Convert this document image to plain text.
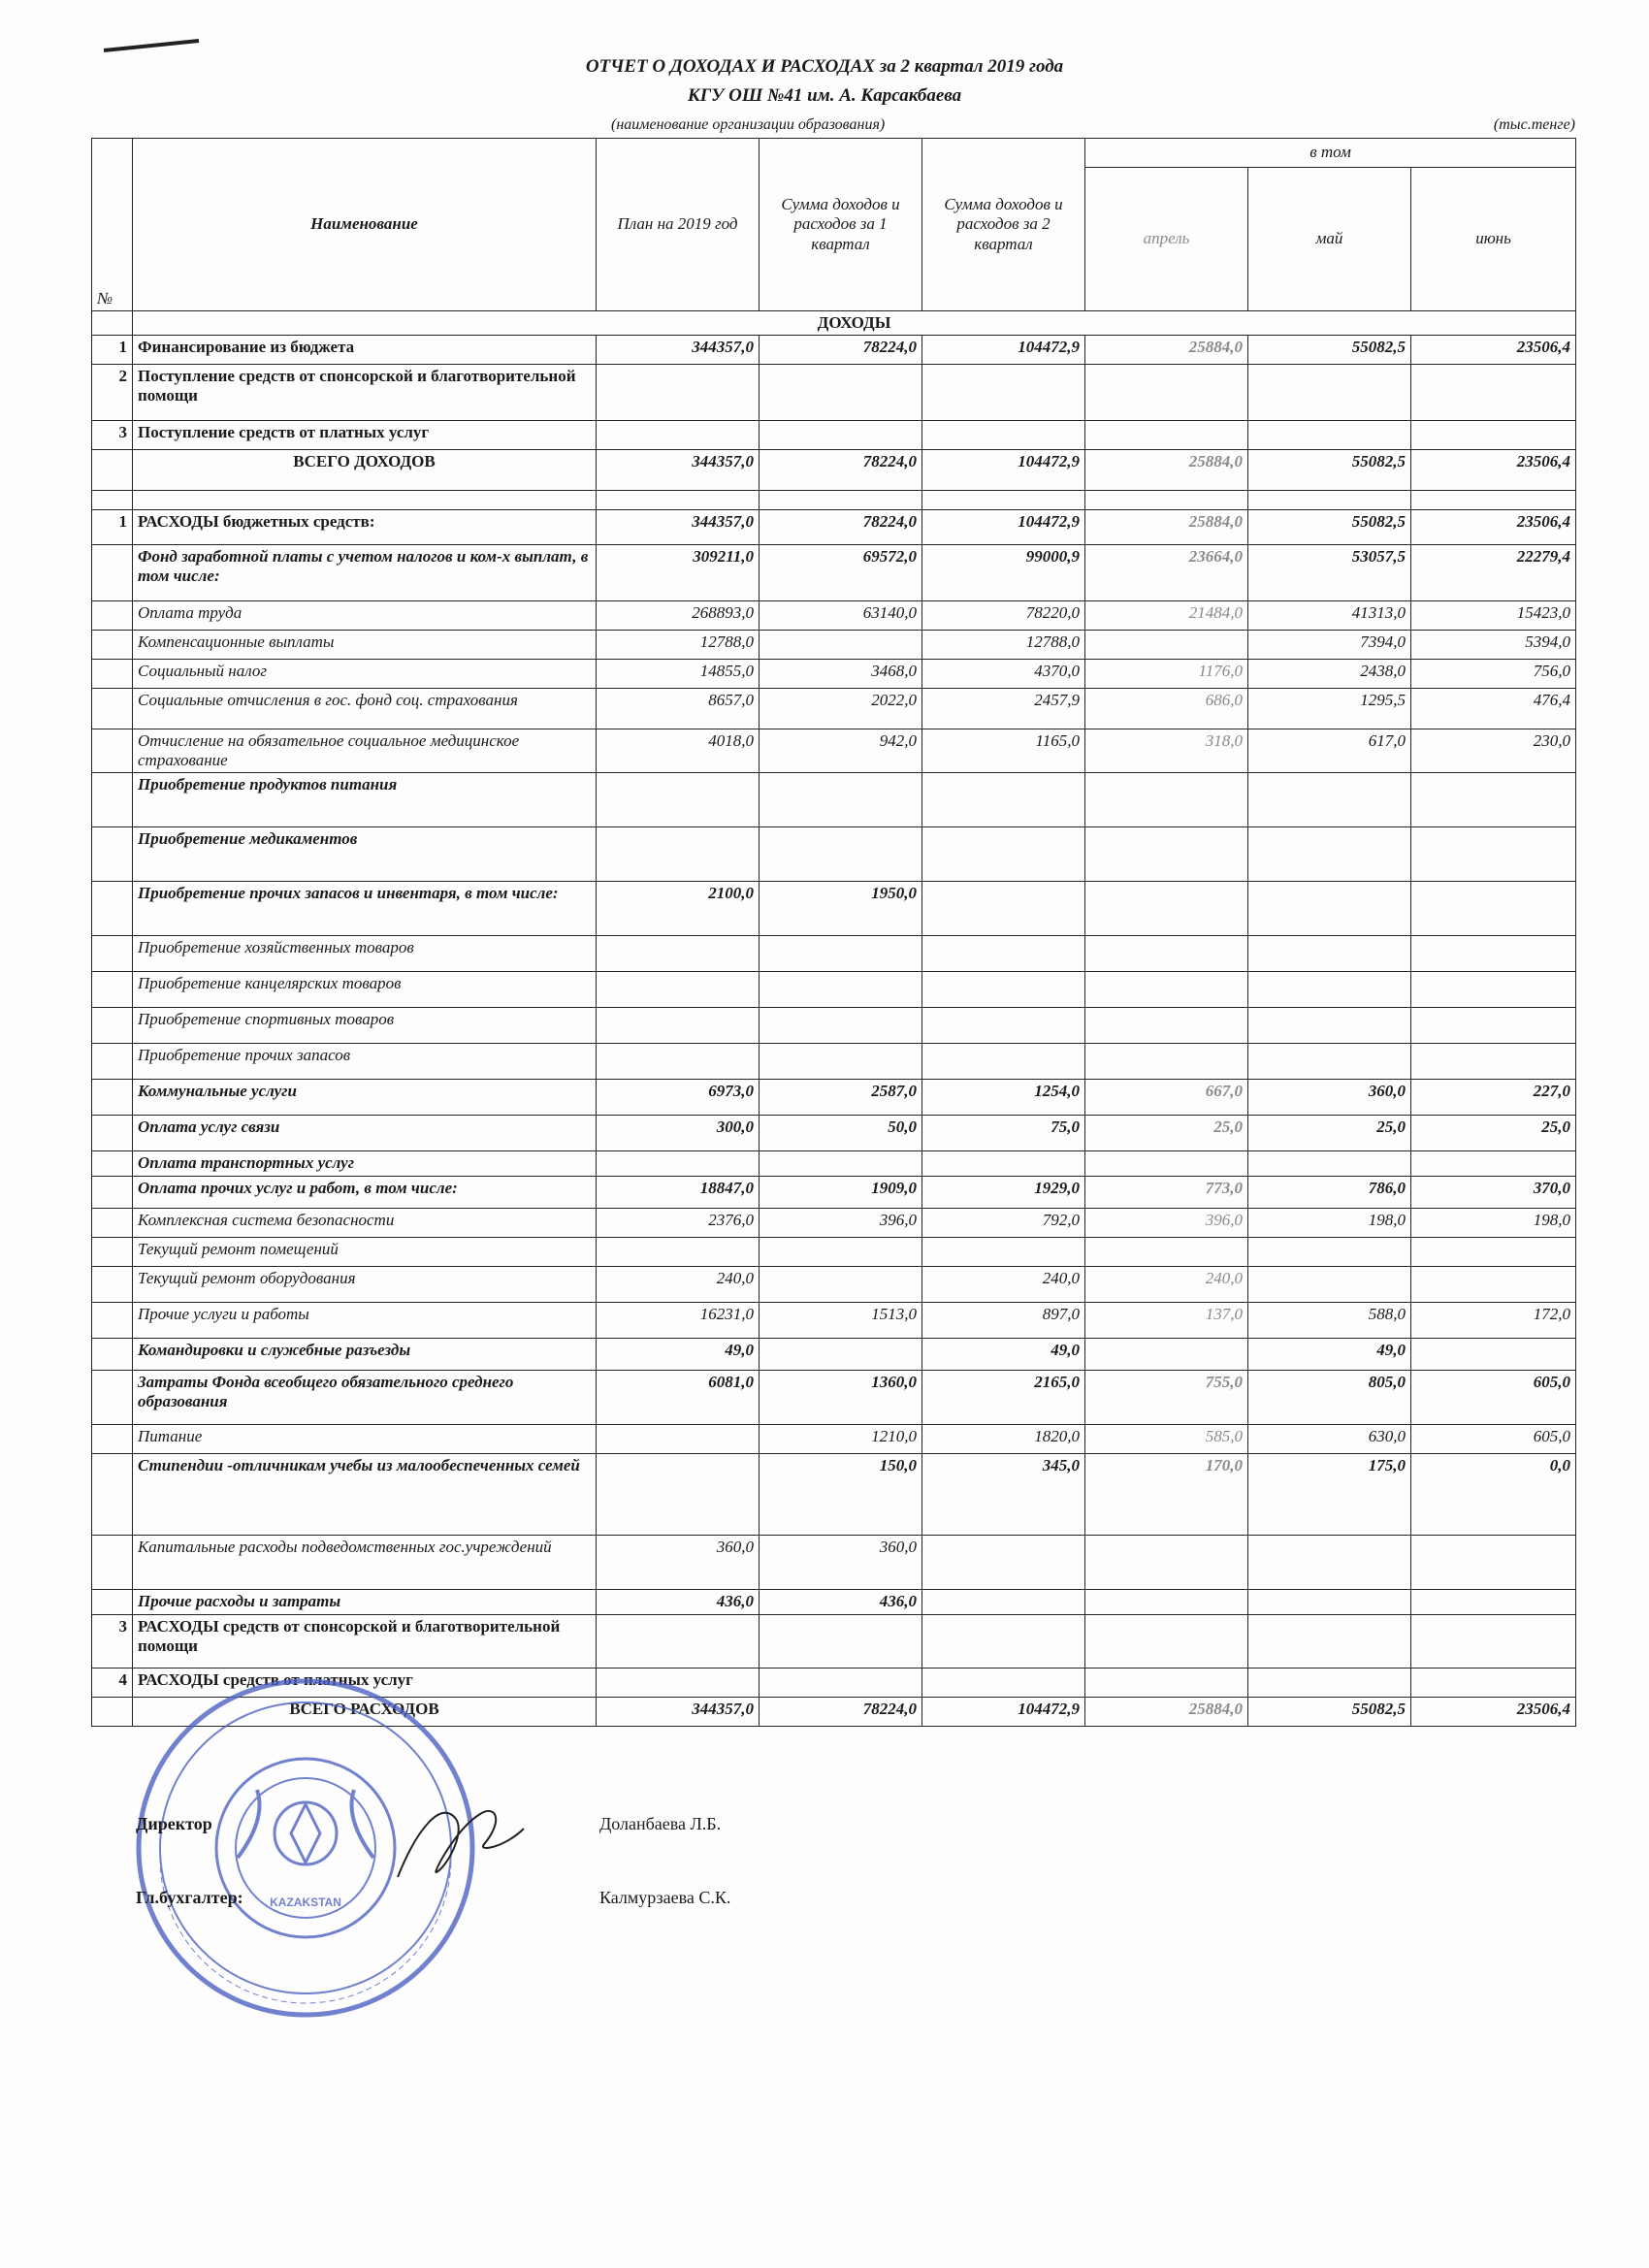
ОТЧЕТ О ДОХОДАХ И РАСХОДАХ за 2 квартал 2019 года
КГУ ОШ №41 им. А. Карсакбаева
(наименование организации образования)	(тыс.тенге)
№	Наименование	План на 2019 год	Сумма доходов и расходов за 1 квартал	Сумма доходов и расходов за 2 квартал	в том		
					апрель	май	июнь
	ДОХОДЫ						
1	Финансирование из бюджета	344357,0	78224,0	104472,9	25884,0	55082,5	23506,4
2	Поступление средств от спонсорской и благотворительной помощи						
3	Поступление средств от платных услуг						
	ВСЕГО ДОХОДОВ	344357,0	78224,0	104472,9	25884,0	55082,5	23506,4

1	РАСХОДЫ бюджетных средств:	344357,0	78224,0	104472,9	25884,0	55082,5	23506,4
	Фонд заработной платы с учетом налогов и ком-х выплат, в том числе:	309211,0	69572,0	99000,9	23664,0	53057,5	22279,4
	Оплата труда	268893,0	63140,0	78220,0	21484,0	41313,0	15423,0
	Компенсационные выплаты	12788,0		12788,0		7394,0	5394,0
	Социальный налог	14855,0	3468,0	4370,0	1176,0	2438,0	756,0
	Социальные отчисления в гос. фонд соц. страхования	8657,0	2022,0	2457,9	686,0	1295,5	476,4
	Отчисление на обязательное социальное медицинское страхование	4018,0	942,0	1165,0	318,0	617,0	230,0
	Приобретение продуктов питания						
	Приобретение медикаментов						
	Приобретение прочих запасов и инвентаря, в том числе:	2100,0	1950,0				
	Приобретение хозяйственных товаров						
	Приобретение канцелярских товаров						
	Приобретение спортивных товаров						
	Приобретение прочих запасов						
	Коммунальные услуги	6973,0	2587,0	1254,0	667,0	360,0	227,0
	Оплата услуг связи	300,0	50,0	75,0	25,0	25,0	25,0
	Оплата транспортных услуг						
	Оплата прочих услуг и работ, в том числе:	18847,0	1909,0	1929,0	773,0	786,0	370,0
	Комплексная система безопасности	2376,0	396,0	792,0	396,0	198,0	198,0
	Текущий ремонт помещений						
	Текущий ремонт оборудования	240,0		240,0	240,0		
	Прочие услуги и работы	16231,0	1513,0	897,0	137,0	588,0	172,0
	Командировки и служебные разъезды	49,0		49,0		49,0	
	Затраты Фонда всеобщего обязательного среднего образования	6081,0	1360,0	2165,0	755,0	805,0	605,0
	Питание		1210,0	1820,0	585,0	630,0	605,0
	Стипендии -отличникам учебы из малообеспеченных семей		150,0	345,0	170,0	175,0	0,0
	Капитальные расходы подведомственных гос.учреждений	360,0	360,0				
	Прочие расходы и затраты	436,0	436,0				
3	РАСХОДЫ средств от спонсорской и благотворительной помощи						
4	РАСХОДЫ средств от платных услуг						
	ВСЕГО РАСХОДОВ	344357,0	78224,0	104472,9	25884,0	55082,5	23506,4
KAZAKSTAN
Директор	Доланбаева Л.Б.
Гл.бухгалтер:	Калмурзаева С.К.
